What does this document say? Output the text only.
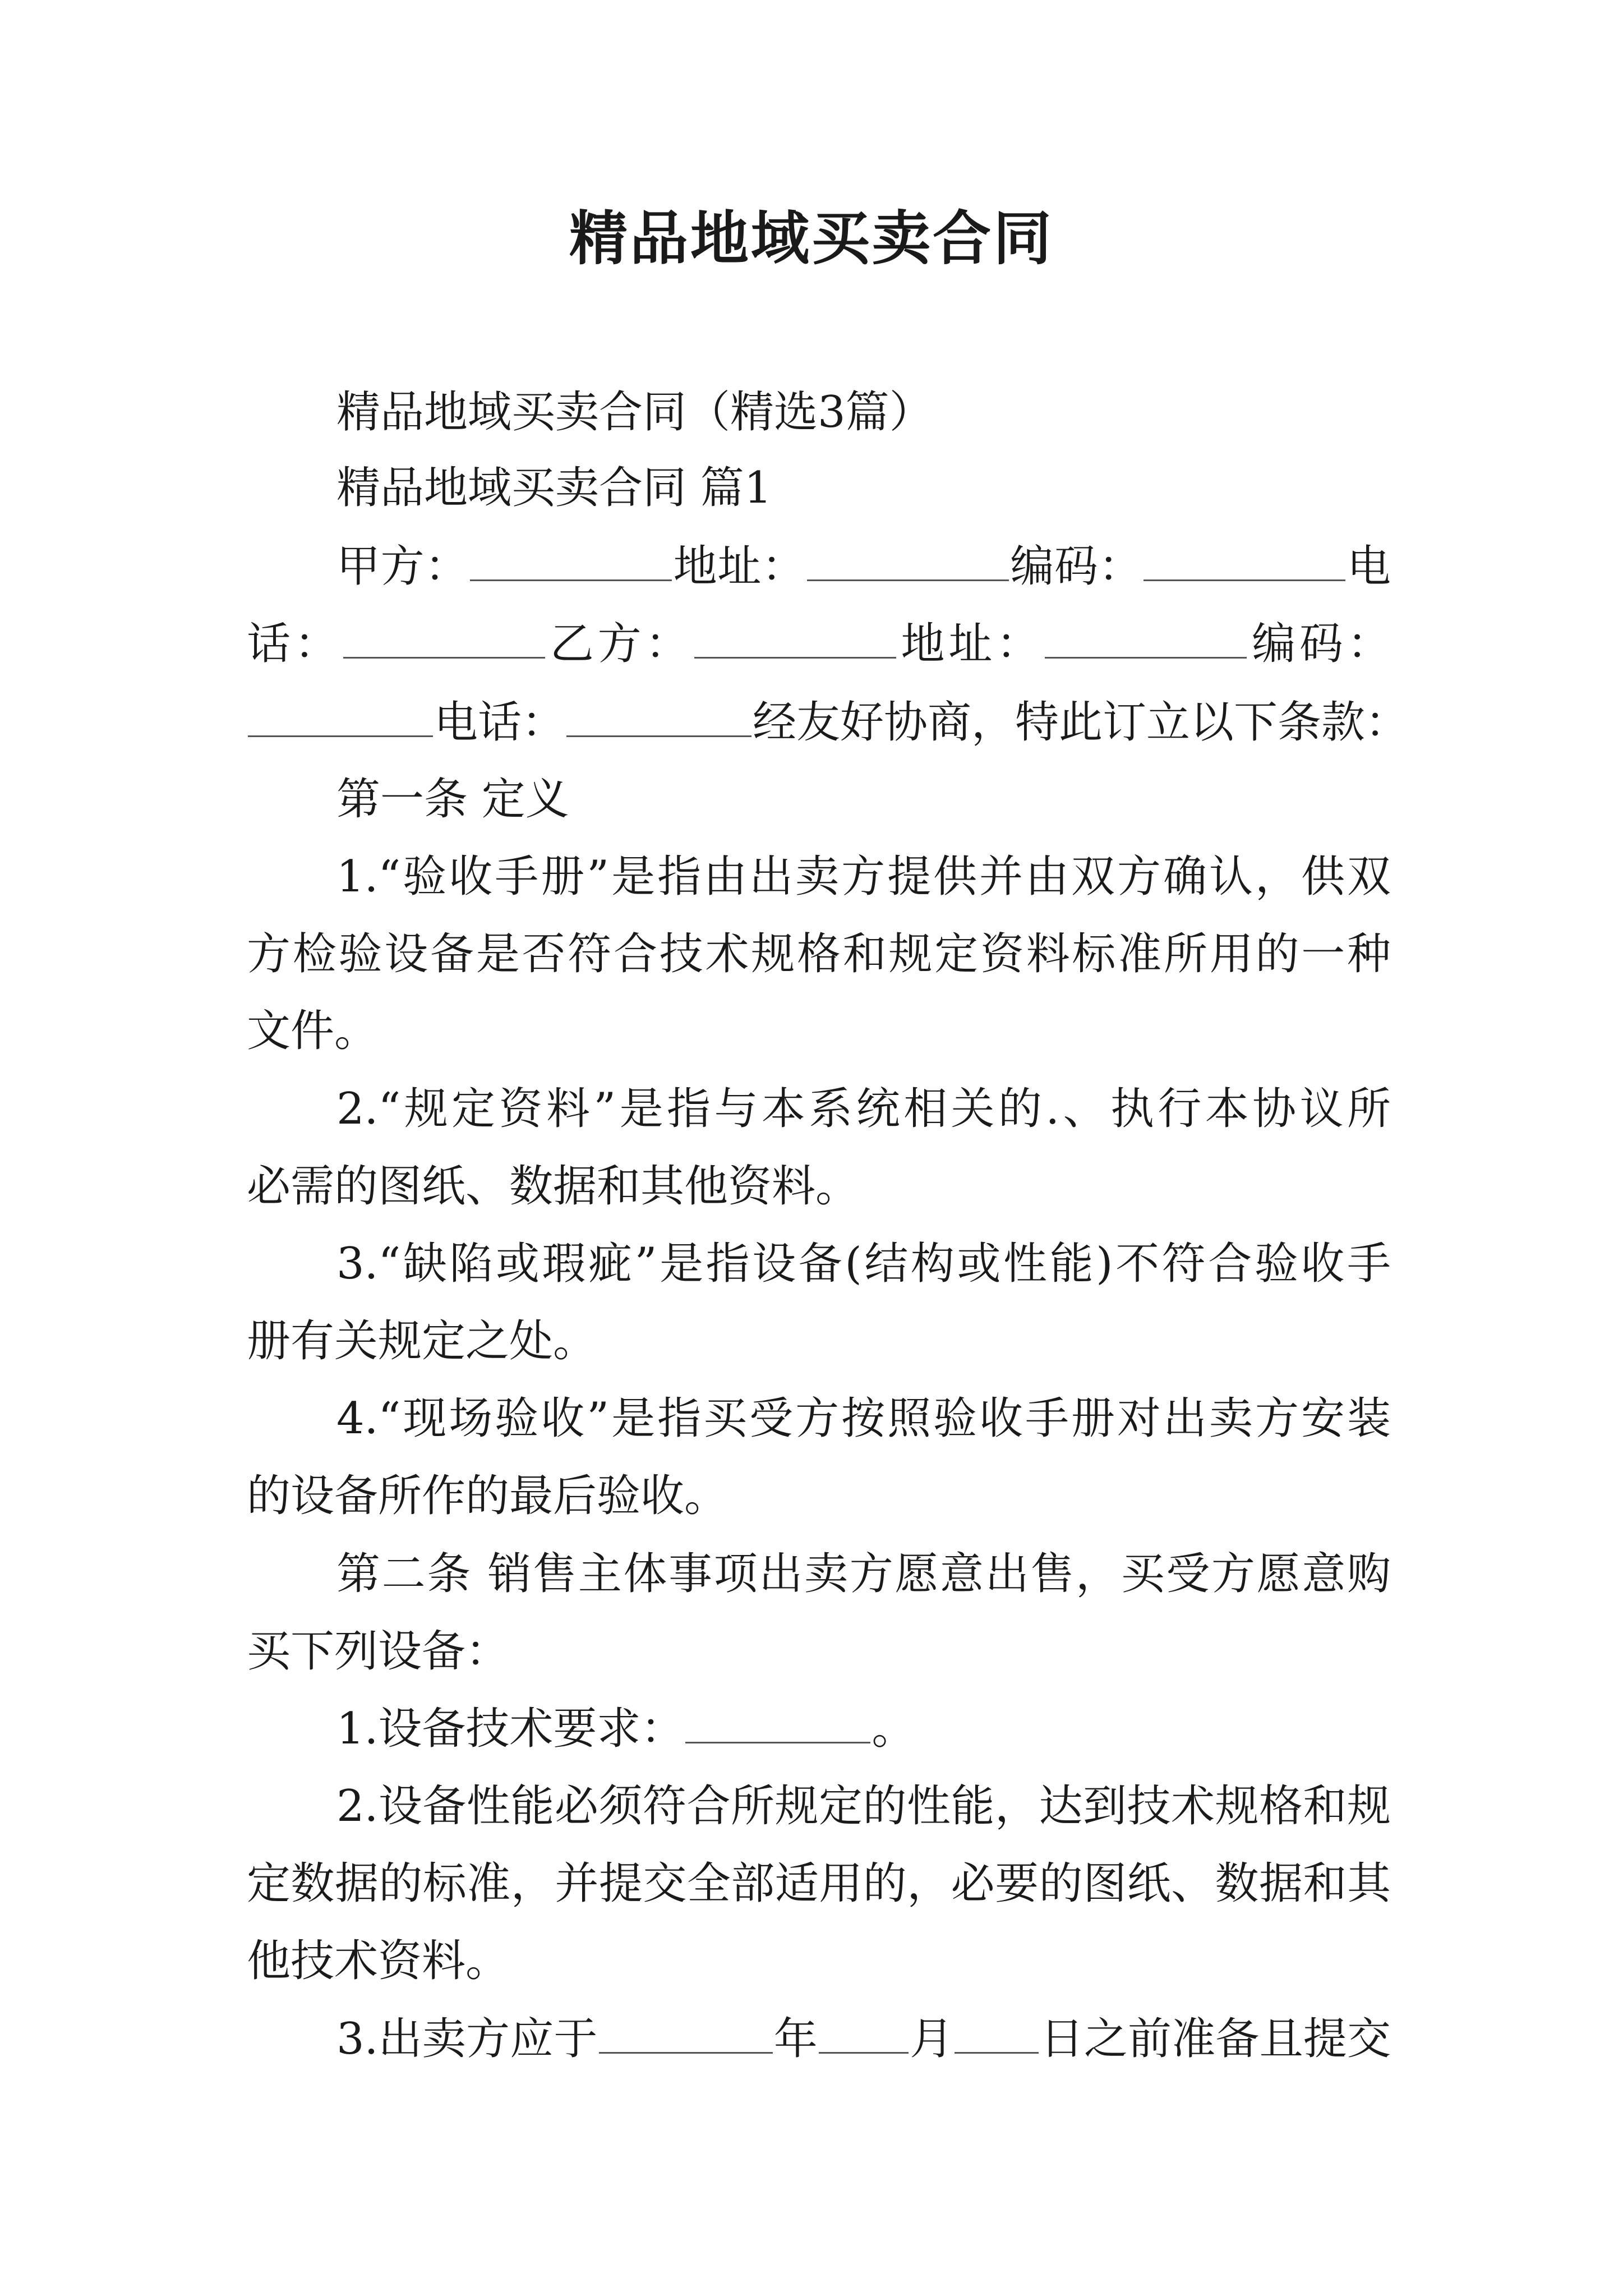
精品地域买卖合同

精品地域买卖合同（精选3篇）

精品地域买卖合同 篇1

甲方：	地址：	编码：	电

话：	乙方：	地址：	编码：

电话：	经友好协商，特此订立以下条款：

第一条 定义

1.“验收手册”是指由出卖方提供并由双方确认，供双

方检验设备是否符合技术规格和规定资料标准所用的一种

文件。

2.“规定资料”是指与本系统相关的.、执行本协议所

必需的图纸、数据和其他资料。

3.“缺陷或瑕疵”是指设备(结构或性能)不符合验收手

册有关规定之处。

4.“现场验收”是指买受方按照验收手册对出卖方安装

的设备所作的最后验收。

第二条 销售主体事项出卖方愿意出售，买受方愿意购

买下列设备：

1.设备技术要求：	。

2.设备性能必须符合所规定的性能，达到技术规格和规

定数据的标准，并提交全部适用的，必要的图纸、数据和其

他技术资料。

3.出卖方应于	年 月 日之前准备且提交
